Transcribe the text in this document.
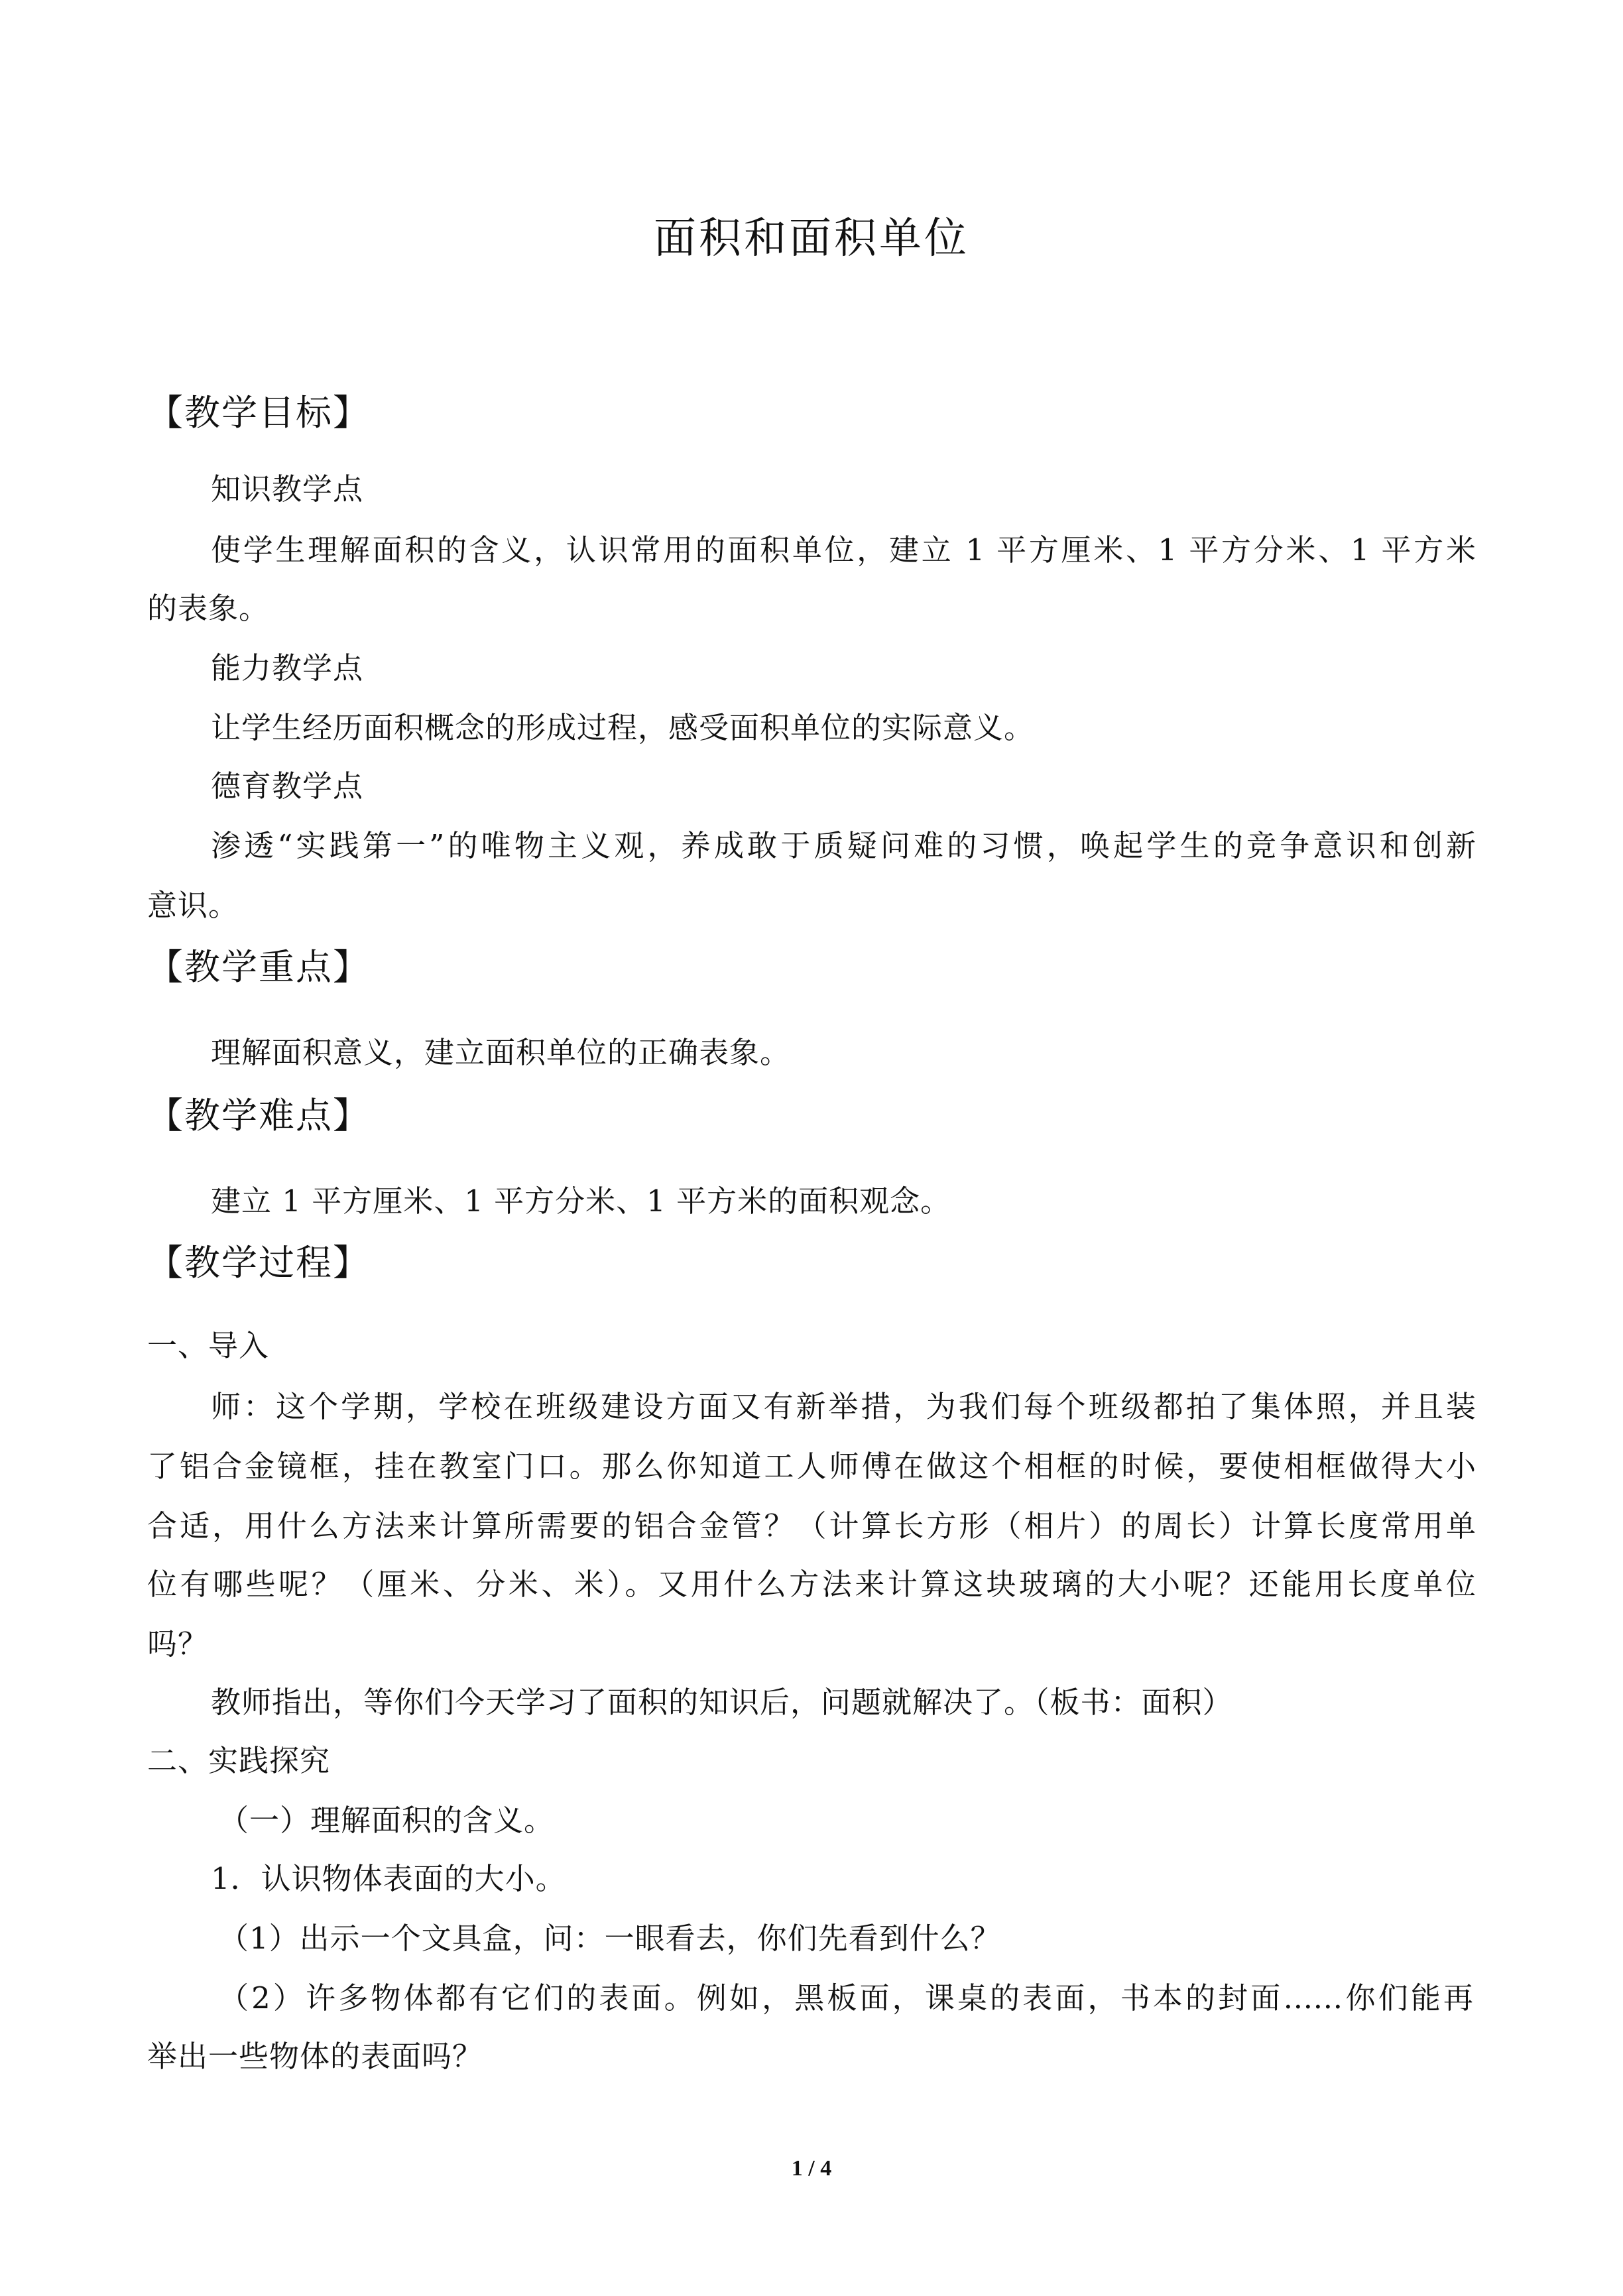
面积和面积单位
【教学目标】

知识教学点

使学生理解面积的含义，认识常用的面积单位，建立 1 平方厘米、1 平方分米、1 平方米

的表象。

能力教学点

让学生经历面积概念的形成过程，感受面积单位的实际意义。

德育教学点

渗透“实践第一”的唯物主义观，养成敢于质疑问难的习惯，唤起学生的竞争意识和创新

意识。

【教学重点】

理解面积意义，建立面积单位的正确表象。

【教学难点】

建立 1 平方厘米、1 平方分米、1 平方米的面积观念。

【教学过程】

一、导入

师：这个学期，学校在班级建设方面又有新举措，为我们每个班级都拍了集体照，并且装

了铝合金镜框，挂在教室门口。那么你知道工人师傅在做这个相框的时候，要使相框做得大小

合适，用什么方法来计算所需要的铝合金管？（计算长方形（相片）的周长）计算长度常用单

位有哪些呢？（厘米、分米、米）。又用什么方法来计算这块玻璃的大小呢？还能用长度单位

吗？

教师指出，等你们今天学习了面积的知识后，问题就解决了。（板书：面积）

二、实践探究

（一）理解面积的含义。

1．认识物体表面的大小。

（1）出示一个文具盒，问：一眼看去，你们先看到什么？

（2）许多物体都有它们的表面。例如，黑板面，课桌的表面，书本的封面……你们能再

举出一些物体的表面吗？

1 / 4
